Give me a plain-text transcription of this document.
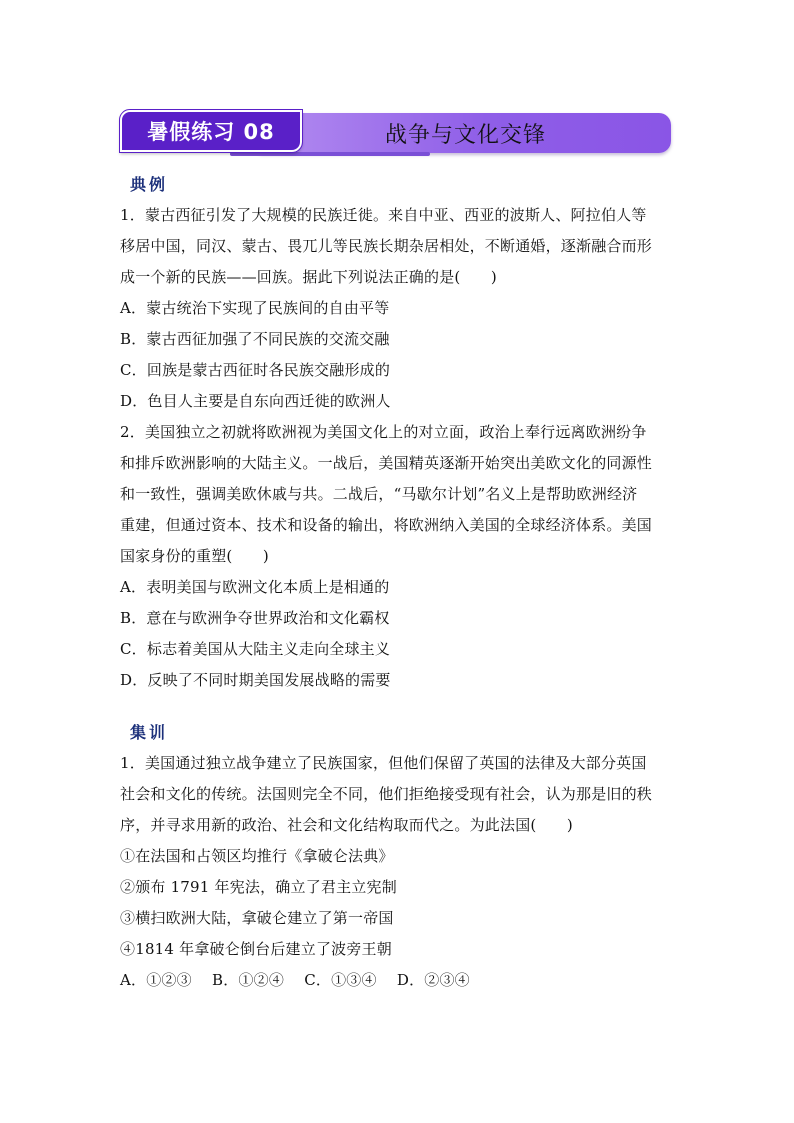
战争与文化交锋
暑假练习 08
典例
1．蒙古西征引发了大规模的民族迁徙。来自中亚、西亚的波斯人、阿拉伯人等
移居中国，同汉、蒙古、畏兀儿等民族长期杂居相处，不断通婚，逐渐融合而形
成一个新的民族——回族。据此下列说法正确的是(　　)
A．蒙古统治下实现了民族间的自由平等
B．蒙古西征加强了不同民族的交流交融
C．回族是蒙古西征时各民族交融形成的
D．色目人主要是自东向西迁徙的欧洲人
2．美国独立之初就将欧洲视为美国文化上的对立面，政治上奉行远离欧洲纷争
和排斥欧洲影响的大陆主义。一战后，美国精英逐渐开始突出美欧文化的同源性
和一致性，强调美欧休戚与共。二战后，“马歇尔计划”名义上是帮助欧洲经济
重建，但通过资本、技术和设备的输出，将欧洲纳入美国的全球经济体系。美国
国家身份的重塑(　　)
A．表明美国与欧洲文化本质上是相通的
B．意在与欧洲争夺世界政治和文化霸权
C．标志着美国从大陆主义走向全球主义
D．反映了不同时期美国发展战略的需要
集训
1．美国通过独立战争建立了民族国家，但他们保留了英国的法律及大部分英国
社会和文化的传统。法国则完全不同，他们拒绝接受现有社会，认为那是旧的秩
序，并寻求用新的政治、社会和文化结构取而代之。为此法国(　　)
①在法国和占领区均推行《拿破仑法典》
②颁布 1791 年宪法，确立了君主立宪制
③横扫欧洲大陆，拿破仑建立了第一帝国
④1814 年拿破仑倒台后建立了波旁王朝
A．①②③　 B．①②④　 C．①③④　 D．②③④
